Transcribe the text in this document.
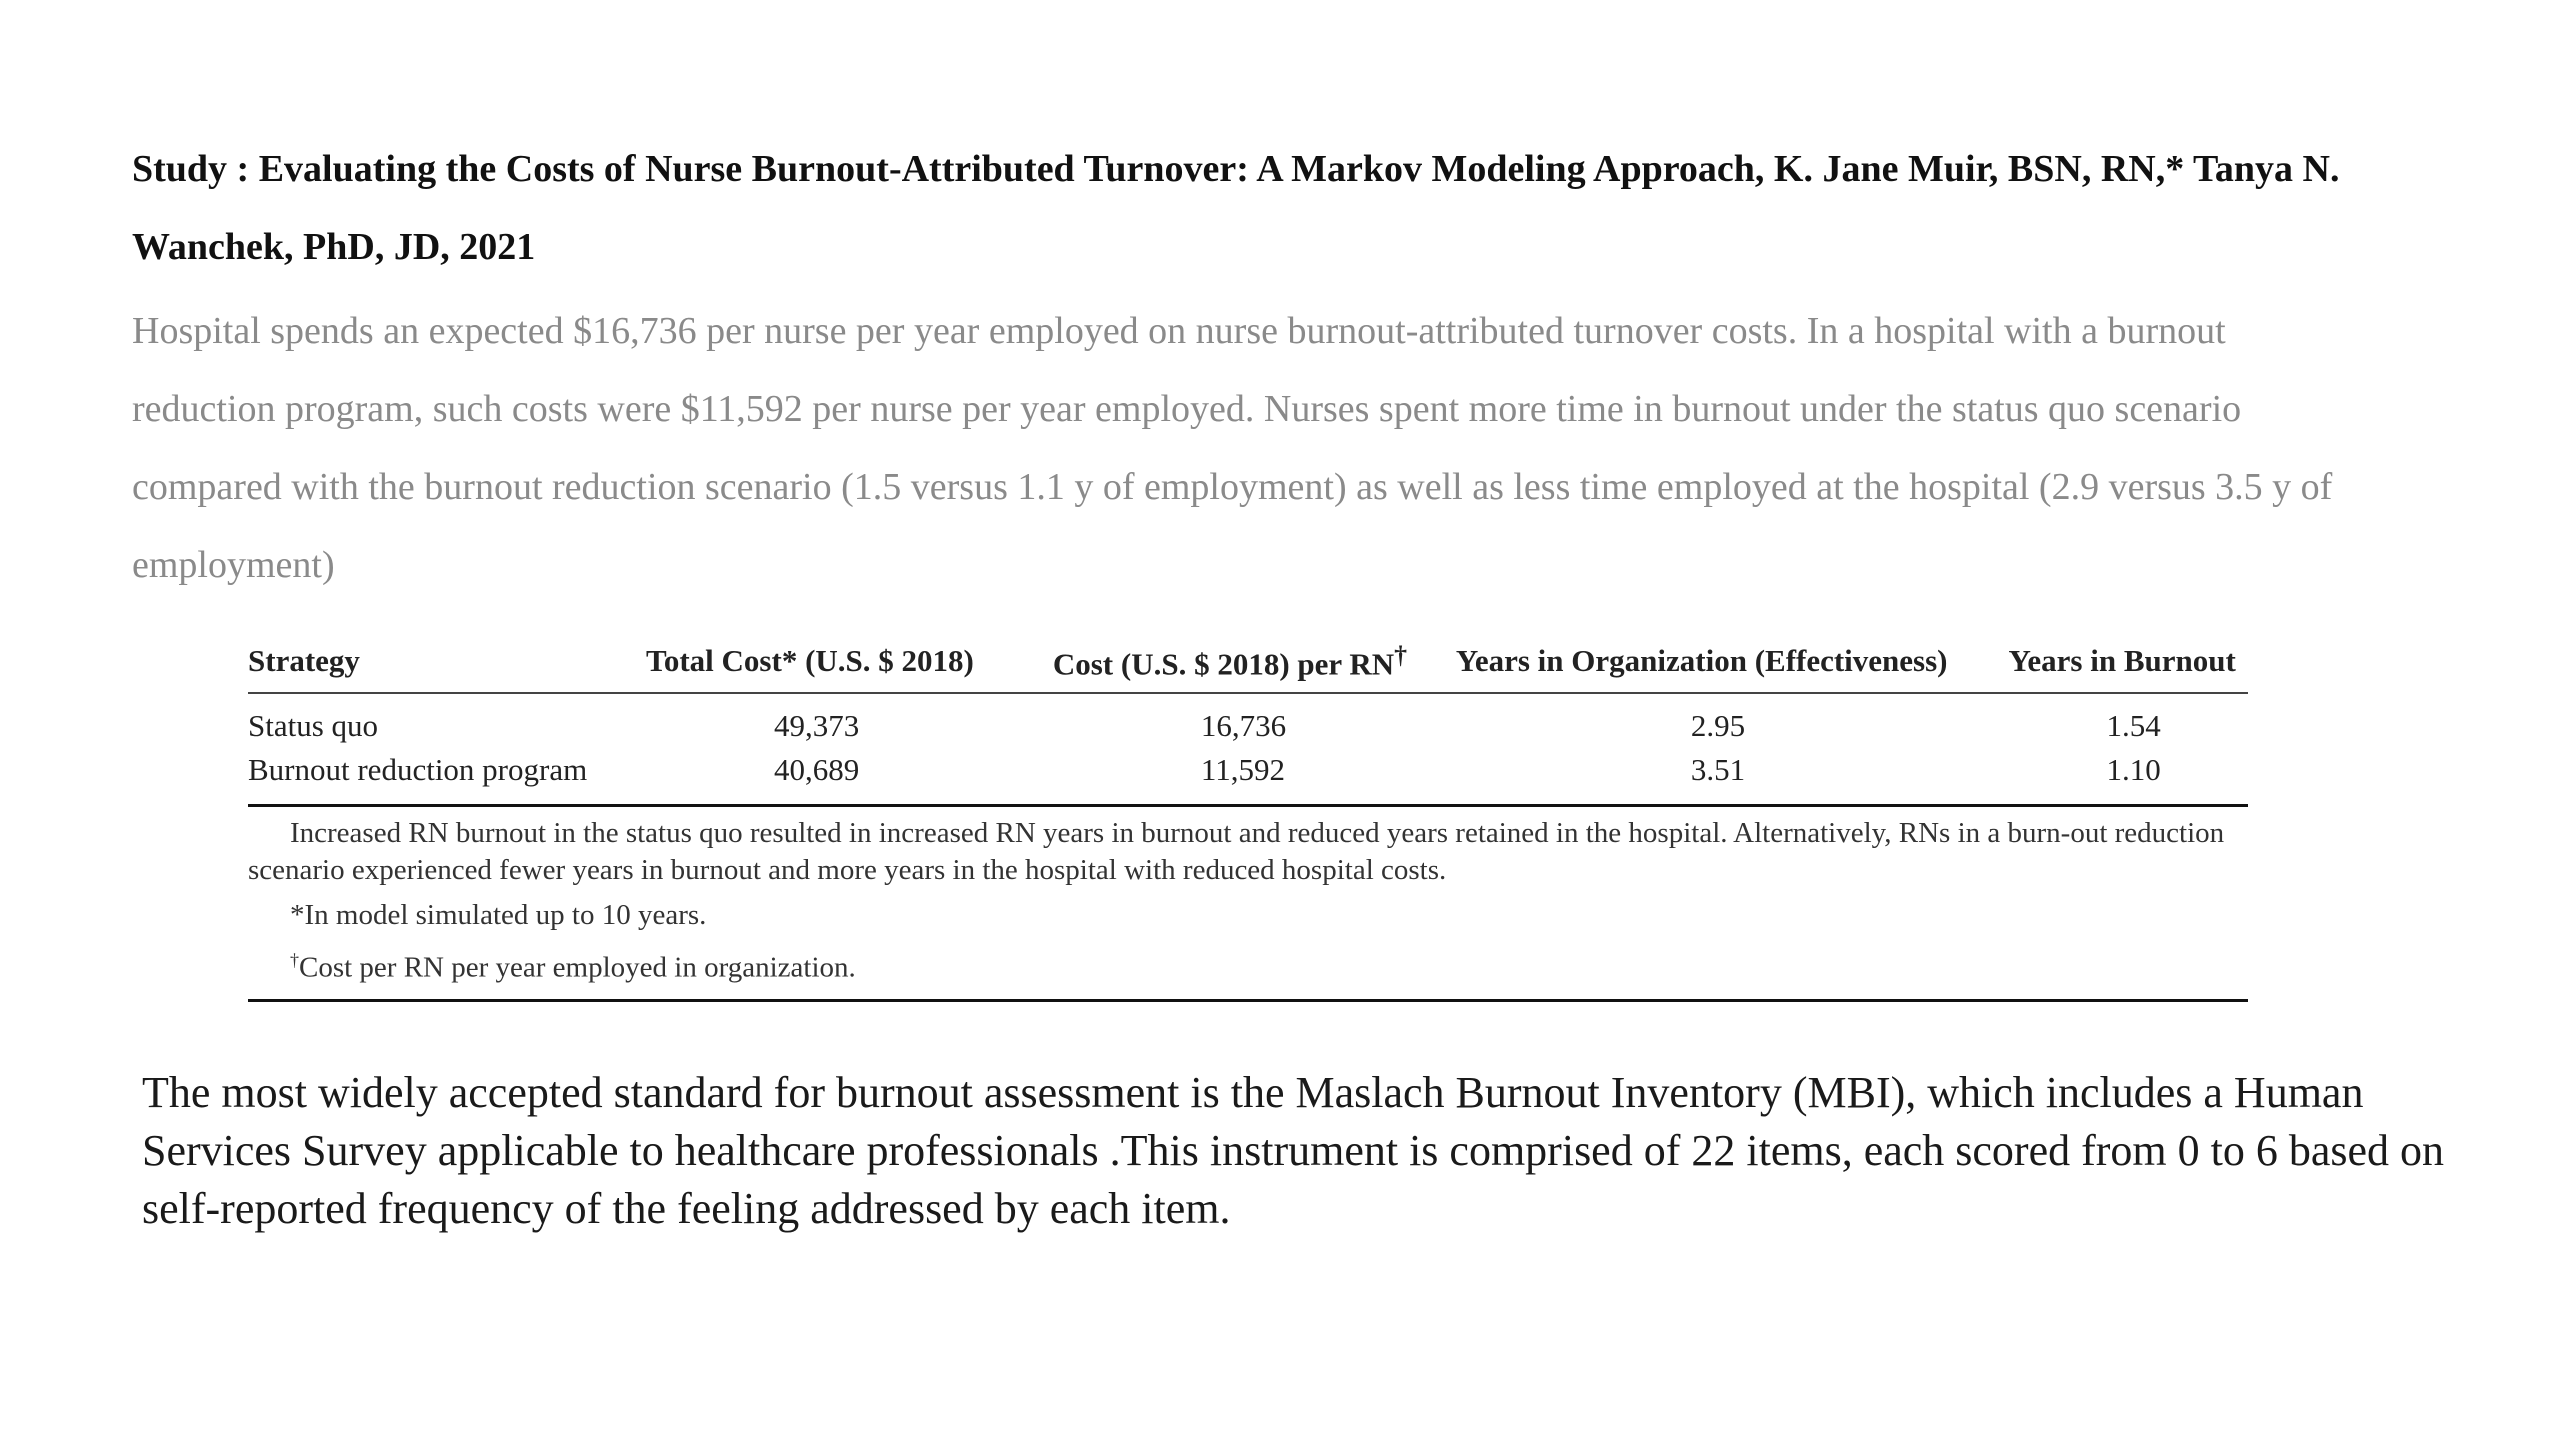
Study : Evaluating the Costs of Nurse Burnout-Attributed Turnover: A Markov Modeling Approach, K. Jane Muir, BSN, RN,* Tanya N. Wanchek, PhD, JD, 2021
Hospital spends an expected $16,736 per nurse per year employed on nurse burnout-attributed turnover costs. In a hospital with a burnout reduction program, such costs were $11,592 per nurse per year employed. Nurses spent more time in burnout under the status quo scenario compared with the burnout reduction scenario (1.5 versus 1.1 y of employment) as well as less time employed at the hospital (2.9 versus 3.5 y of employment)
Strategy	Total Cost* (U.S. $ 2018)	Cost (U.S. $ 2018) per RN†	Years in Organization (Effectiveness)	Years in Burnout
Status quo	49,373	16,736	2.95	1.54
Burnout reduction program	40,689	11,592	3.51	1.10

Increased RN burnout in the status quo resulted in increased RN years in burnout and reduced years retained in the hospital. Alternatively, RNs in a burn-out reduction scenario experienced fewer years in burnout and more years in the hospital with reduced hospital costs.

*In model simulated up to 10 years.

†Cost per RN per year employed in organization.

The most widely accepted standard for burnout assessment is the Maslach Burnout Inventory (MBI), which includes a Human Services Survey applicable to healthcare professionals .This instrument is comprised of 22 items, each scored from 0 to 6 based on self-reported frequency of the feeling addressed by each item.
